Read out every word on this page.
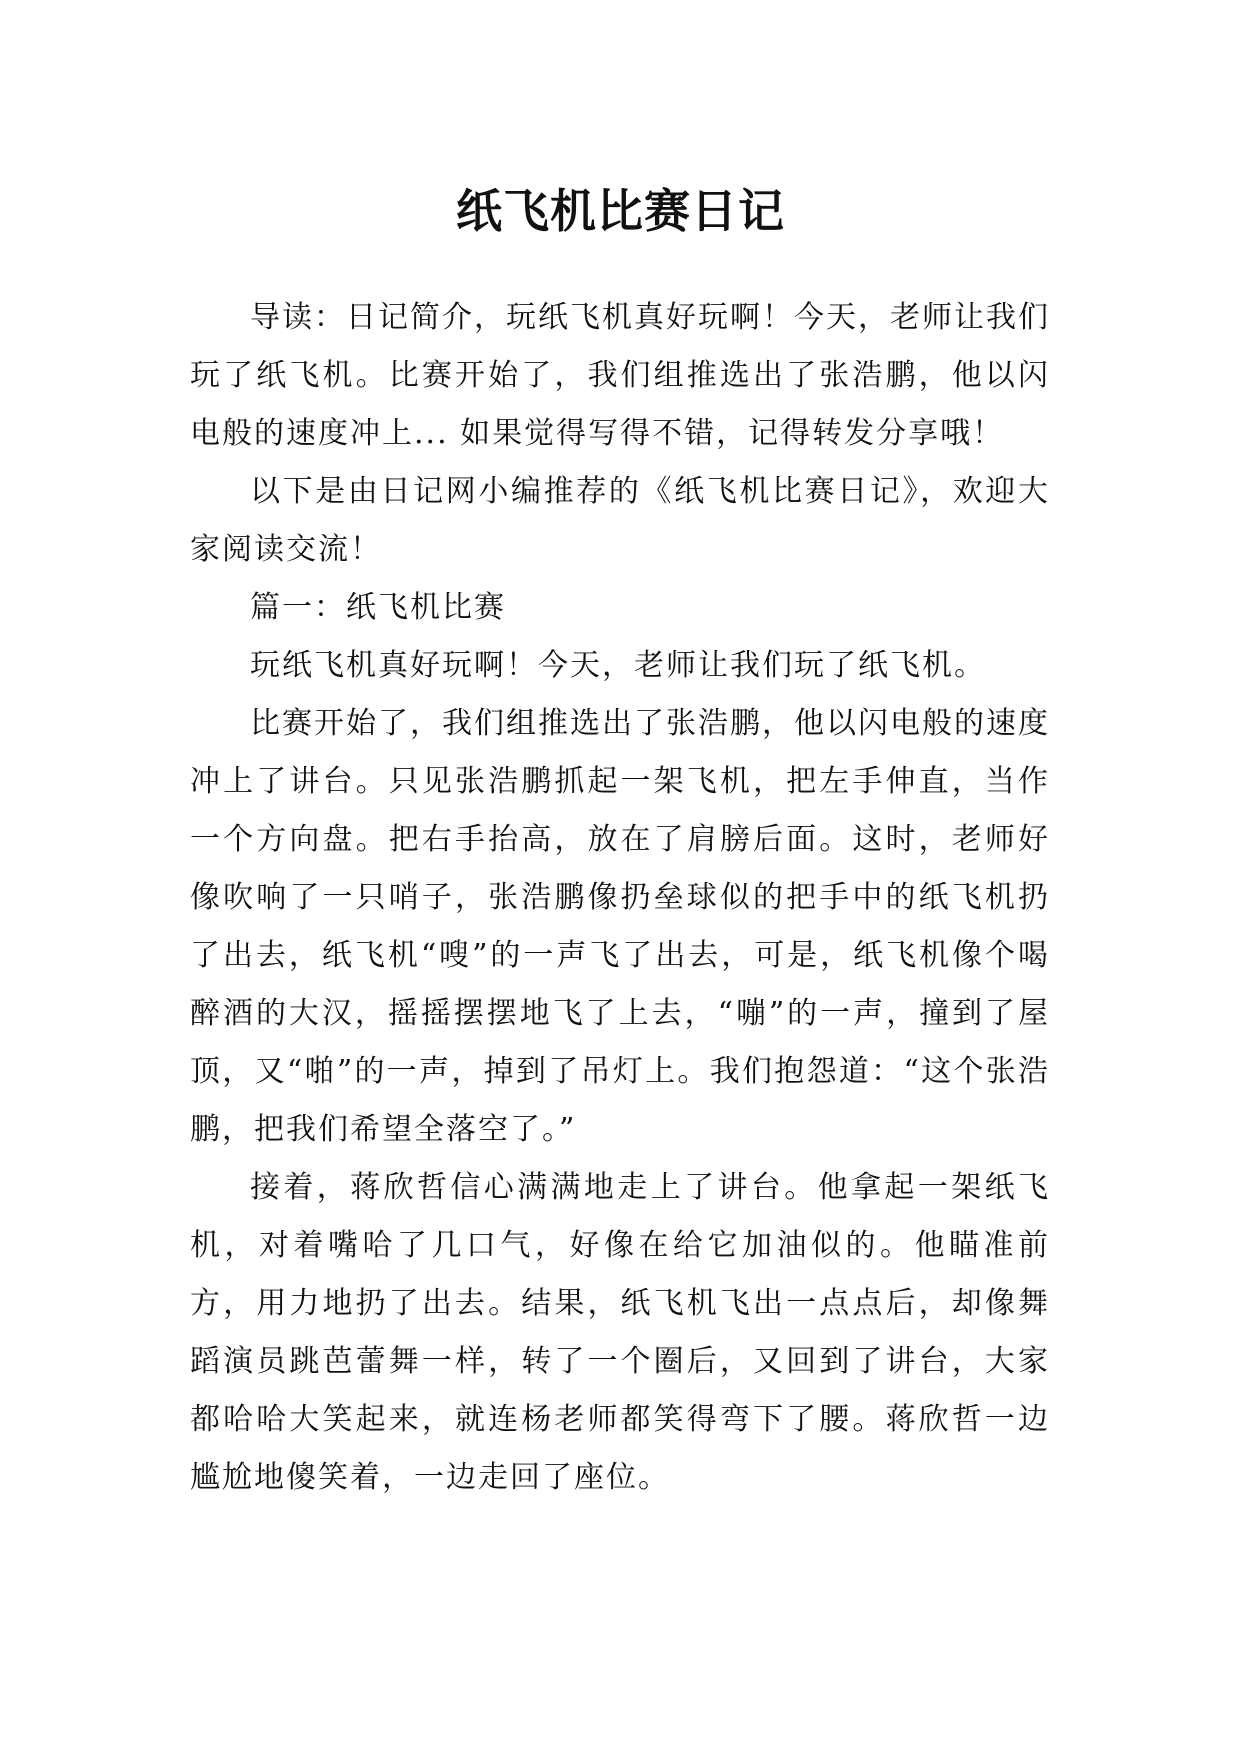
纸飞机比赛日记

导读：日记简介，玩纸飞机真好玩啊！今天，老师让我们玩了纸飞机。比赛开始了，我们组推选出了张浩鹏，他以闪电般的速度冲上... 如果觉得写得不错，记得转发分享哦！

以下是由日记网小编推荐的《纸飞机比赛日记》，欢迎大家阅读交流！

篇一：纸飞机比赛

玩纸飞机真好玩啊！今天，老师让我们玩了纸飞机。

比赛开始了，我们组推选出了张浩鹏，他以闪电般的速度冲上了讲台。只见张浩鹏抓起一架飞机，把左手伸直，当作一个方向盘。把右手抬高，放在了肩膀后面。这时，老师好像吹响了一只哨子，张浩鹏像扔垒球似的把手中的纸飞机扔了出去，纸飞机“嗖”的一声飞了出去，可是，纸飞机像个喝醉酒的大汉，摇摇摆摆地飞了上去，“嘣”的一声，撞到了屋顶，又“啪”的一声，掉到了吊灯上。我们抱怨道：“这个张浩鹏，把我们希望全落空了。”

接着，蒋欣哲信心满满地走上了讲台。他拿起一架纸飞机，对着嘴哈了几口气，好像在给它加油似的。他瞄准前方，用力地扔了出去。结果，纸飞机飞出一点点后，却像舞蹈演员跳芭蕾舞一样，转了一个圈后，又回到了讲台，大家都哈哈大笑起来，就连杨老师都笑得弯下了腰。蒋欣哲一边尴尬地傻笑着，一边走回了座位。
